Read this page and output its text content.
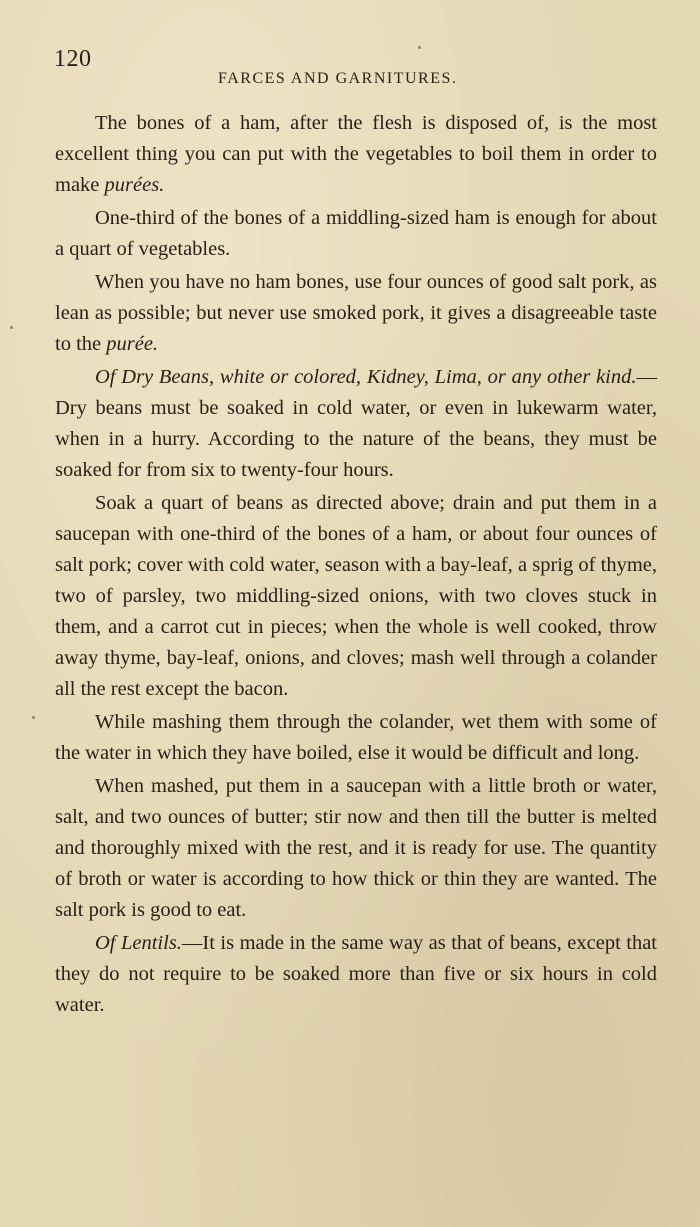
120
FARCES AND GARNITURES.

The bones of a ham, after the flesh is disposed of, is the most excellent thing you can put with the vegetables to boil them in order to make purées.

One-third of the bones of a middling-sized ham is enough for about a quart of vegetables.

When you have no ham bones, use four ounces of good salt pork, as lean as possible; but never use smoked pork, it gives a disagreeable taste to the purée.

Of Dry Beans, white or colored, Kidney, Lima, or any other kind.—Dry beans must be soaked in cold water, or even in lukewarm water, when in a hurry. According to the nature of the beans, they must be soaked for from six to twenty-four hours.

Soak a quart of beans as directed above; drain and put them in a saucepan with one-third of the bones of a ham, or about four ounces of salt pork; cover with cold water, season with a bay-leaf, a sprig of thyme, two of parsley, two middling-sized onions, with two cloves stuck in them, and a carrot cut in pieces; when the whole is well cooked, throw away thyme, bay-leaf, onions, and cloves; mash well through a colander all the rest except the bacon.

While mashing them through the colander, wet them with some of the water in which they have boiled, else it would be difficult and long.

When mashed, put them in a saucepan with a little broth or water, salt, and two ounces of butter; stir now and then till the butter is melted and thoroughly mixed with the rest, and it is ready for use. The quantity of broth or water is according to how thick or thin they are wanted. The salt pork is good to eat.

Of Lentils.—It is made in the same way as that of beans, except that they do not require to be soaked more than five or six hours in cold water.
